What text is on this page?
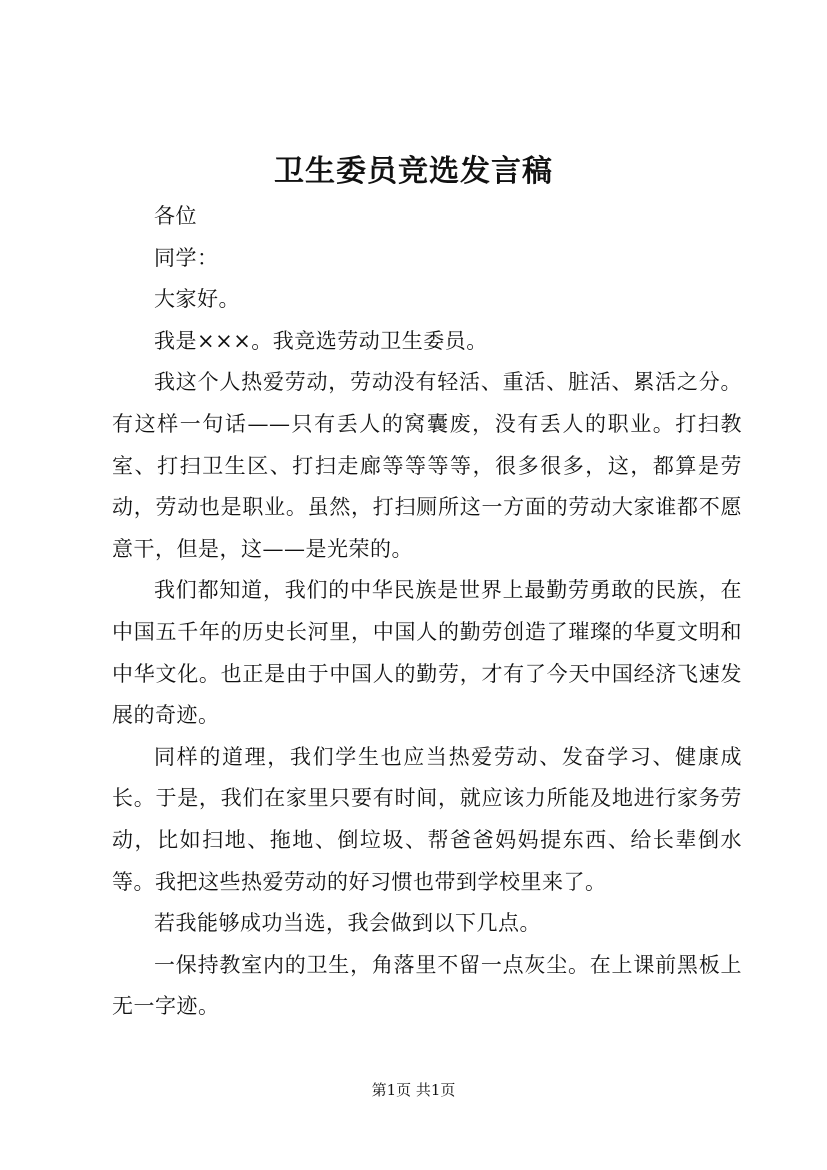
卫生委员竞选发言稿

各位

同学：

大家好。

我是×××。我竞选劳动卫生委员。

我这个人热爱劳动，劳动没有轻活、重活、脏活、累活之分。有这样一句话——只有丢人的窝囊废，没有丢人的职业。打扫教室、打扫卫生区、打扫走廊等等等等，很多很多，这，都算是劳动，劳动也是职业。虽然，打扫厕所这一方面的劳动大家谁都不愿意干，但是，这——是光荣的。

我们都知道，我们的中华民族是世界上最勤劳勇敢的民族，在中国五千年的历史长河里，中国人的勤劳创造了璀璨的华夏文明和中华文化。也正是由于中国人的勤劳，才有了今天中国经济飞速发展的奇迹。

同样的道理，我们学生也应当热爱劳动、发奋学习、健康成长。于是，我们在家里只要有时间，就应该力所能及地进行家务劳动，比如扫地、拖地、倒垃圾、帮爸爸妈妈提东西、给长辈倒水等。我把这些热爱劳动的好习惯也带到学校里来了。

若我能够成功当选，我会做到以下几点。

一保持教室内的卫生，角落里不留一点灰尘。在上课前黑板上无一字迹。

第1页 共1页
